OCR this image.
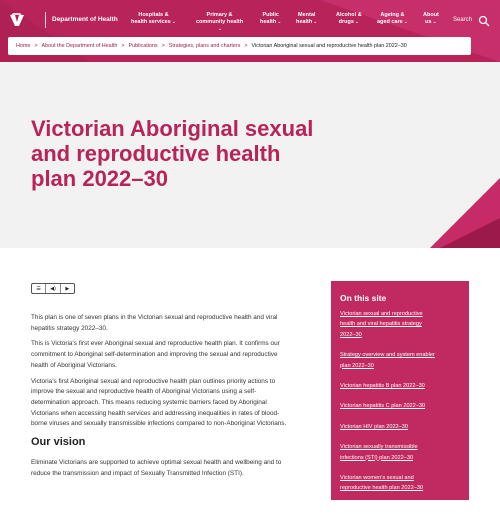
Department of Health
Hospitals &
health services⌄
Primary &
community health
⌄
Public
health⌄
Mental
health⌄
Alcohol &
drugs⌄
Ageing &
aged care⌄
About
us⌄	Search
Victorian Aboriginal sexual and reproductive health plan 2022–30
Home > About the Department of Health > Publications > Strategies, plans and charters > Victorian Aboriginal sexual and reproductive health plan 2022–30
☰	◀)	▶

This plan is one of seven plans in the Victorian sexual and reproductive health and viral hepatitis strategy 2022–30.

This is Victoria’s first ever Aboriginal sexual and reproductive health plan. It confirms our commitment to Aboriginal self-determination and improving the sexual and reproductive health of Aboriginal Victorians.

Victoria’s first Aboriginal sexual and reproductive health plan outlines priority actions to improve the sexual and reproductive health of Aboriginal Victorians using a self-determination approach. This means reducing systemic barriers faced by Aboriginal Victorians when accessing health services and addressing inequalities in rates of blood-borne viruses and sexually transmissible infections compared to non-Aboriginal Victorians.

Our vision

Eliminate Victorians are supported to achieve optimal sexual health and wellbeing and to reduce the transmission and impact of Sexually Transmitted Infection (STI).

On this site
Victorian sexual and reproductive
health and viral hepatitis strategy
2022–30
Strategy overview and system enabler
plan 2022–30
Victorian hepatitis B plan 2022–30
Victorian hepatitis C plan 2022–30
Victorian HIV plan 2022–30
Victorian sexually transmissible
infections (STI) plan 2022–30
Victorian women's sexual and
reproductive health plan 2022–30
Sexual health
